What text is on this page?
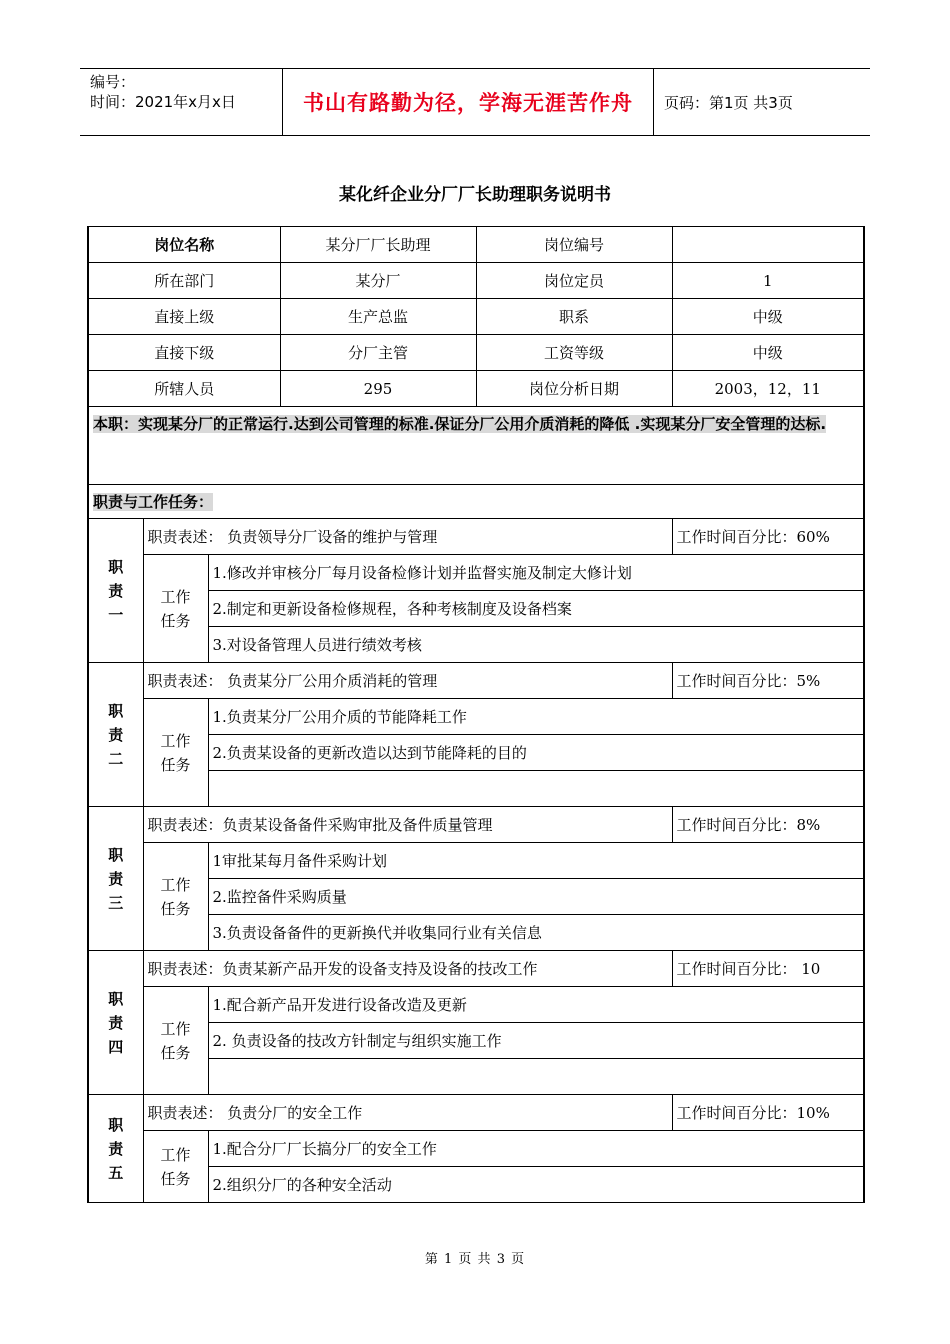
编号：
时间：2021年x月x日	书山有路勤为径，学海无涯苦作舟	页码：第1页 共3页
某化纤企业分厂厂长助理职务说明书
岗位名称			某分厂厂长助理	岗位编号	
所在部门			某分厂	岗位定员	1
直接上级			生产总监	职系	中级
直接下级			分厂主管	工资等级	中级
所辖人员			295	岗位分析日期	2003，12，11
本职：实现某分厂的正常运行.达到公司管理的标准.保证分厂公用介质消耗的降低 .实现某分厂安全管理的达标.					
职责与工作任务：					
职责一	职责表述： 负责领导分厂设备的维护与管理				工作时间百分比：60%
	工作任务	1.修改并审核分厂每月设备检修计划并监督实施及制定大修计划			
		2.制定和更新设备检修规程，各种考核制度及设备档案			
		3.对设备管理人员进行绩效考核			
职责二	职责表述： 负责某分厂公用介质消耗的管理				工作时间百分比：5%
	工作任务	1.负责某分厂公用介质的节能降耗工作			
		2.负责某设备的更新改造以达到节能降耗的目的			

职责三	职责表述：负责某设备备件采购审批及备件质量管理				工作时间百分比：8%
	工作任务	1审批某每月备件采购计划			
		2.监控备件采购质量			
		3.负责设备备件的更新换代并收集同行业有关信息			
职责四	职责表述：负责某新产品开发的设备支持及设备的技改工作				工作时间百分比： 10
	工作任务	1.配合新产品开发进行设备改造及更新			
		2. 负责设备的技改方针制定与组织实施工作			

职责五	职责表述： 负责分厂的安全工作				工作时间百分比：10%
	工作任务	1.配合分厂厂长搞分厂的安全工作			
		2.组织分厂的各种安全活动			
第 1 页 共 3 页
